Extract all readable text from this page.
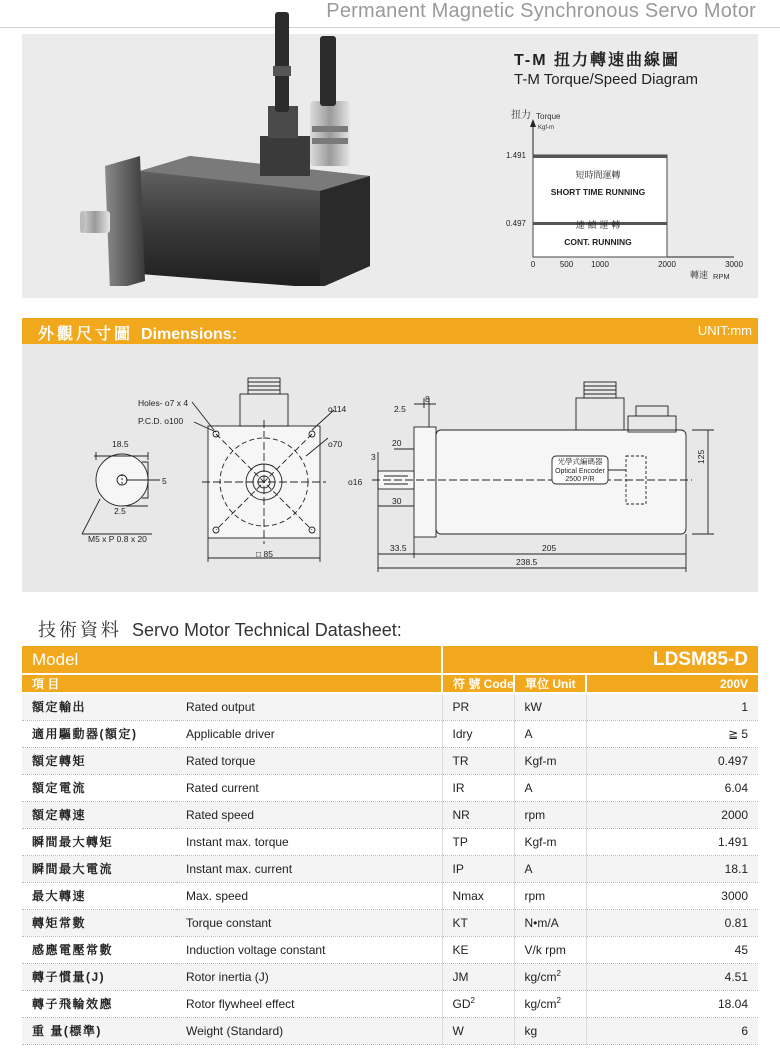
Permanent Magnetic Synchronous Servo Motor
T-M 扭力轉速曲線圖
T-M Torque/Speed Diagram
扭力 Torque
Kgf-m
短時間運轉
SHORT TIME RUNNING
連 續 運 轉
CONT. RUNNING
0	500 1000	2000	3000
1.491
0.497
轉速 RPM
外觀尺寸圖 Dimensions:	UNIT:mm
18.5
5
2.5
M5 x P 0.8 x 20
Holes- ο7 x 4
P.C.D. ο100
ο114
ο70
□ 85
8
2.5
20
3
ο16
30
33.5	205
238.5
125
光學式編碼器
Optical Encoder
2500 P/R
技術資料 Servo Motor Technical Datasheet:
Model		LDSM85-D		
項 目		符 號 Code	單位 Unit	200V
額定輸出	Rated output	PR	kW	1
適用驅動器(額定)	Applicable driver	Idry	A	≧ 5
額定轉矩	Rated torque	TR	Kgf-m	0.497
額定電流	Rated current	IR	A	6.04
額定轉速	Rated speed	NR	rpm	2000
瞬間最大轉矩	Instant max. torque	TP	Kgf-m	1.491
瞬間最大電流	Instant max. current	IP	A	18.1
最大轉速	Max. speed	Nmax	rpm	3000
轉矩常數	Torque constant	KT	N•m/A	0.81
感應電壓常數	Induction voltage constant	KE	V/k rpm	45
轉子慣量(J)	Rotor inertia (J)	JM	$kg/cm^2$	4.51
轉子飛輪效應	Rotor flywheel effect	$GD^2$	$kg/cm^2$	18.04
重 量(標準)	Weight (Standard)	W	kg	6
